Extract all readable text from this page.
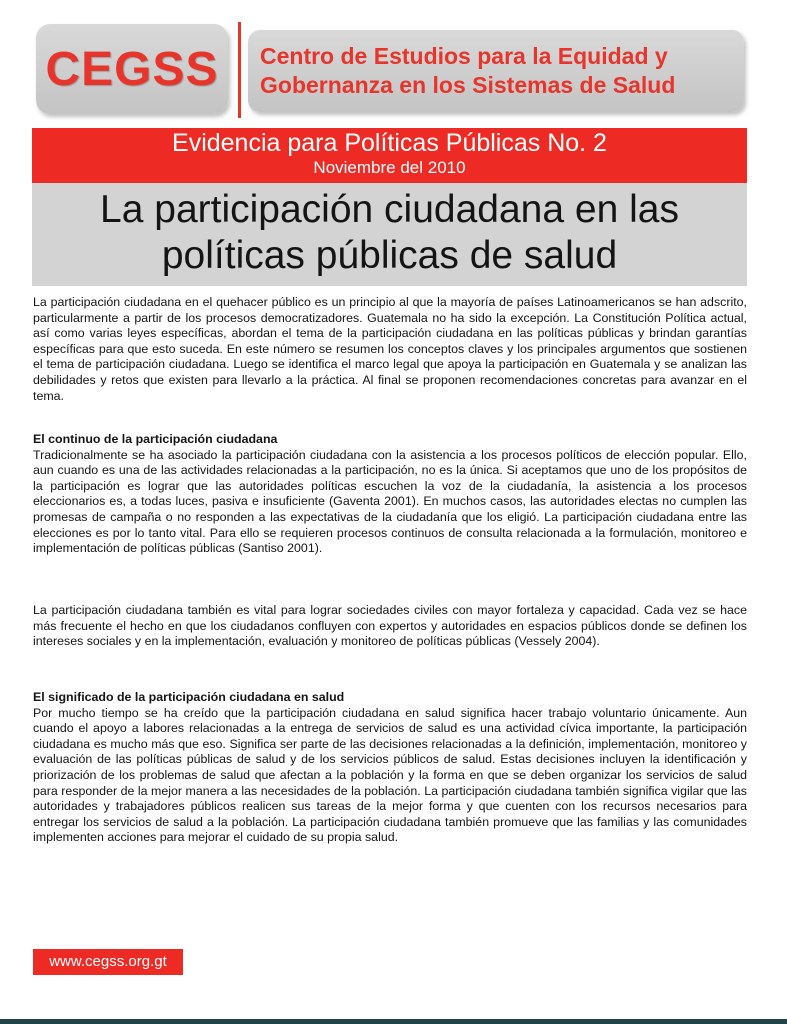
CEGSS Centro de Estudios para la Equidad y
Gobernanza en los Sistemas de Salud
Evidencia para Políticas Públicas No. 2
Noviembre del 2010
La participación ciudadana en las
políticas públicas de salud
La participación ciudadana en el quehacer público es un principio al que la mayoría de países Latinoamericanos se han adscrito, particularmente a partir de los procesos democratizadores. Guatemala no ha sido la excepción. La Constitución Política actual, así como varias leyes específicas, abordan el tema de la participación ciudadana en las políticas públicas y brindan garantías específicas para que esto suceda. En este número se resumen los conceptos claves y los principales argumentos que sostienen el tema de participación ciudadana. Luego se identifica el marco legal que apoya la participación en Guatemala y se analizan las debilidades y retos que existen para llevarlo a la práctica. Al final se proponen recomendaciones concretas para avanzar en el tema.
El continuo de la participación ciudadana
Tradicionalmente se ha asociado la participación ciudadana con la asistencia a los procesos políticos de elección popular. Ello, aun cuando es una de las actividades relacionadas a la participación, no es la única. Si aceptamos que uno de los propósitos de la participación es lograr que las autoridades políticas escuchen la voz de la ciudadanía, la asistencia a los procesos eleccionarios es, a todas luces, pasiva e insuficiente (Gaventa 2001). En muchos casos, las autoridades electas no cumplen las promesas de campaña o no responden a las expectativas de la ciudadanía que los eligió. La participación ciudadana entre las elecciones es por lo tanto vital. Para ello se requieren procesos continuos de consulta relacionada a la formulación, monitoreo e implementación de políticas públicas (Santiso 2001).
La participación ciudadana también es vital para lograr sociedades civiles con mayor fortaleza y capacidad. Cada vez se hace más frecuente el hecho en que los ciudadanos confluyen con expertos y autoridades en espacios públicos donde se definen los intereses sociales y en la implementación, evaluación y monitoreo de políticas públicas (Vessely 2004).
El significado de la participación ciudadana en salud
Por mucho tiempo se ha creído que la participación ciudadana en salud significa hacer trabajo voluntario únicamente. Aun cuando el apoyo a labores relacionadas a la entrega de servicios de salud es una actividad cívica importante, la participación ciudadana es mucho más que eso. Significa ser parte de las decisiones relacionadas a la definición, implementación, monitoreo y evaluación de las políticas públicas de salud y de los servicios públicos de salud. Estas decisiones incluyen la identificación y priorización de los problemas de salud que afectan a la población y la forma en que se deben organizar los servicios de salud para responder de la mejor manera a las necesidades de la población. La participación ciudadana también significa vigilar que las autoridades y trabajadores públicos realicen sus tareas de la mejor forma y que cuenten con los recursos necesarios para entregar los servicios de salud a la población. La participación ciudadana también promueve que las familias y las comunidades implementen acciones para mejorar el cuidado de su propia salud.
www.cegss.org.gt
